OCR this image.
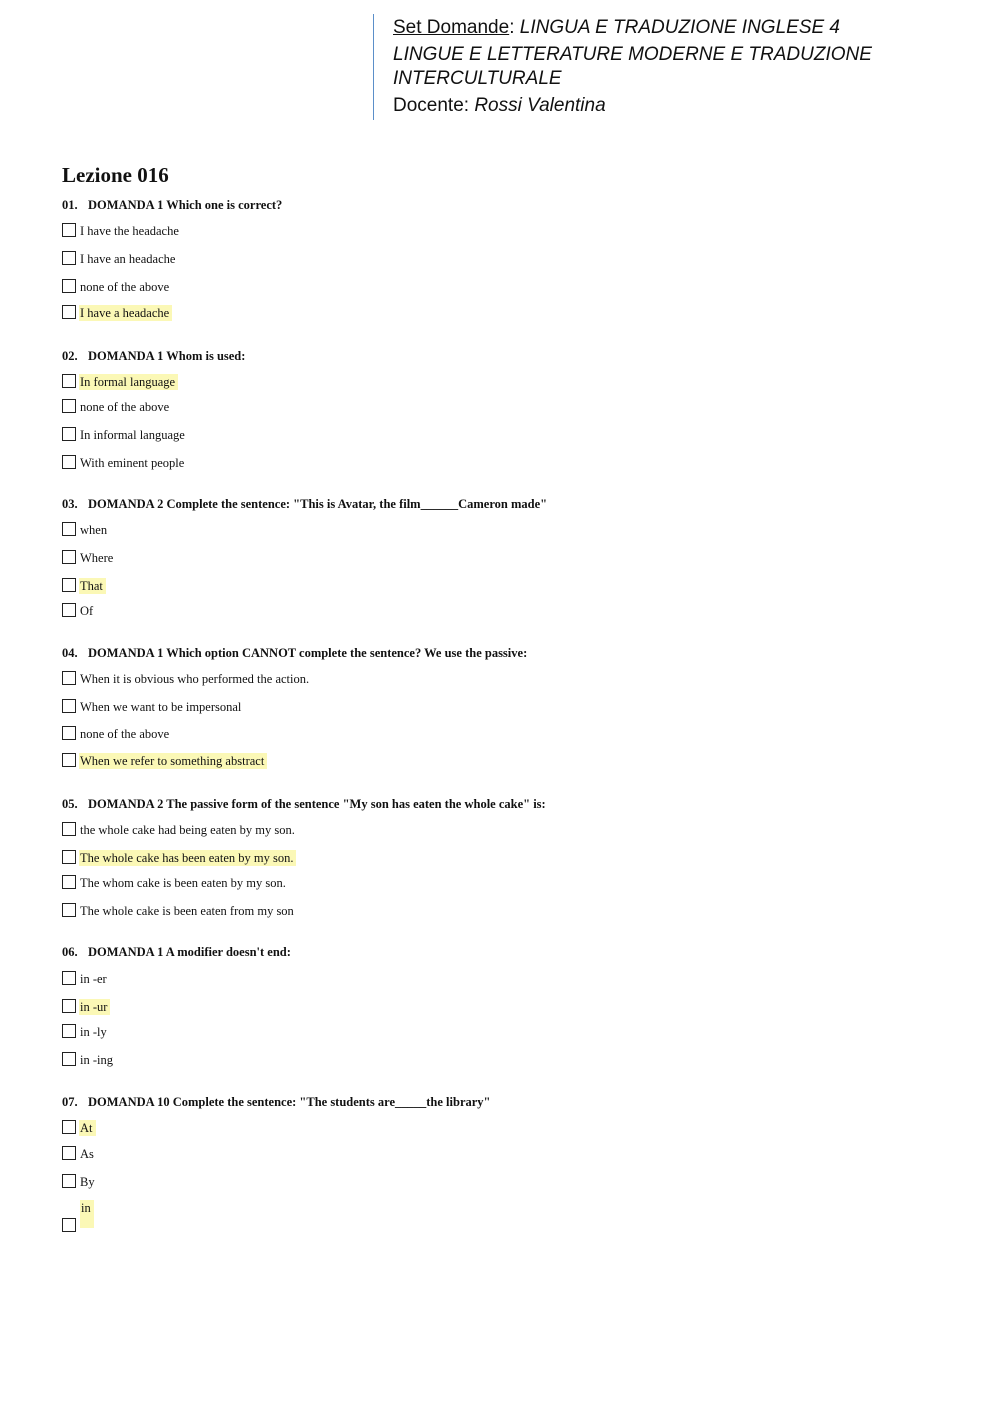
Set Domande: LINGUA E TRADUZIONE INGLESE 4
LINGUE E LETTERATURE MODERNE E TRADUZIONE
INTERCULTURALE
Docente: Rossi Valentina
Lezione 016

01. DOMANDA 1 Which one is correct?

I have the headache
I have an headache
none of the above
I have a headache

02. DOMANDA 1 Whom is used:

In formal language
none of the above
In informal language
With eminent people

03. DOMANDA 2 Complete the sentence: "This is Avatar, the film______Cameron made"

when
Where
That
Of

04. DOMANDA 1 Which option CANNOT complete the sentence? We use the passive:

When it is obvious who performed the action.
When we want to be impersonal
none of the above
When we refer to something abstract

05. DOMANDA 2 The passive form of the sentence "My son has eaten the whole cake" is:

the whole cake had being eaten by my son.
The whole cake has been eaten by my son.
The whom cake is been eaten by my son.
The whole cake is been eaten from my son

06. DOMANDA 1 A modifier doesn't end:

in -er
in -ur
in -ly
in -ing

07. DOMANDA 10 Complete the sentence: "The students are_____the library"

At
As
By
in
